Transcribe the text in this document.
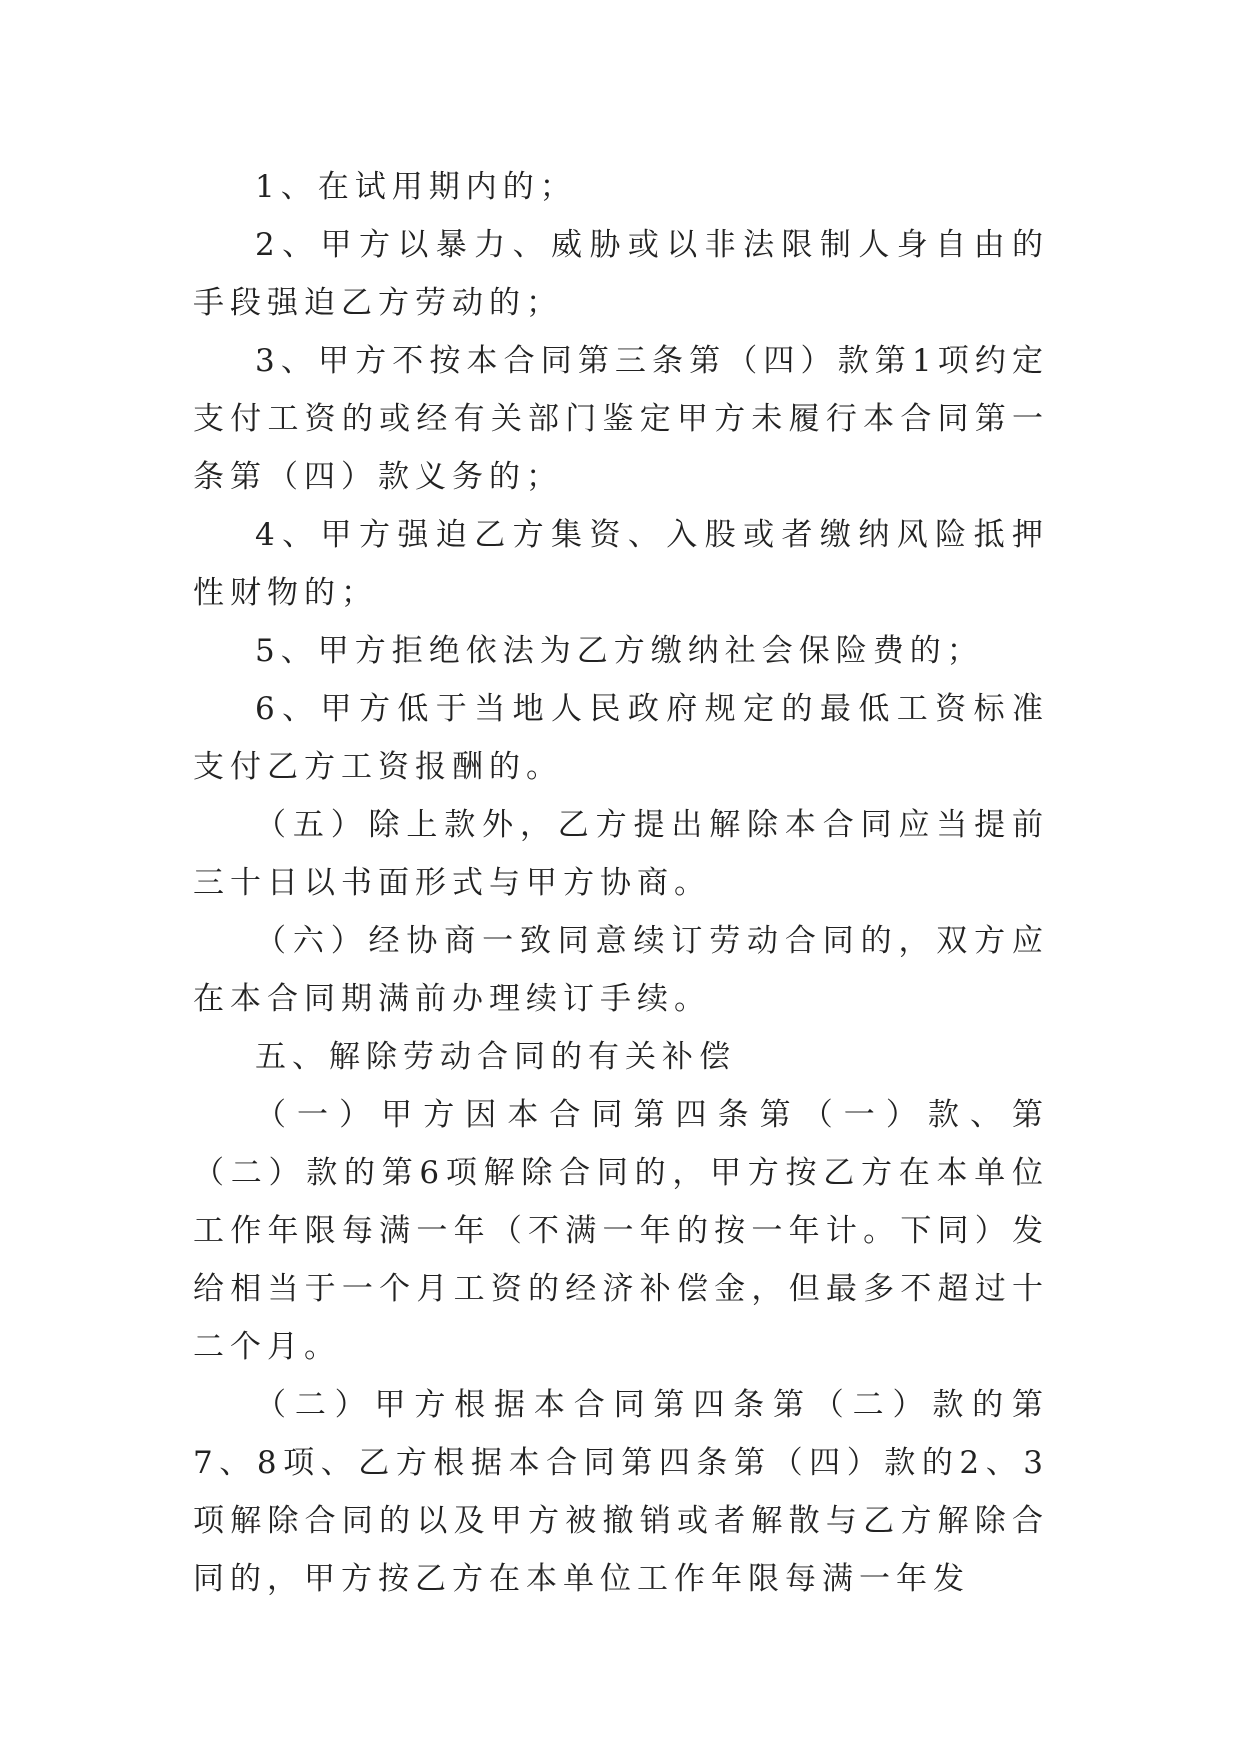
1、在试用期内的；

2、甲方以暴力、威胁或以非法限制人身自由的手段强迫乙方劳动的；

3、甲方不按本合同第三条第（四）款第1项约定支付工资的或经有关部门鉴定甲方未履行本合同第一条第（四）款义务的；

4、甲方强迫乙方集资、入股或者缴纳风险抵押性财物的；

5、甲方拒绝依法为乙方缴纳社会保险费的；

6、甲方低于当地人民政府规定的最低工资标准支付乙方工资报酬的。

（五）除上款外，乙方提出解除本合同应当提前三十日以书面形式与甲方协商。

（六）经协商一致同意续订劳动合同的，双方应在本合同期满前办理续订手续。

五、解除劳动合同的有关补偿

（一）甲方因本合同第四条第（一）款、第（二）款的第6项解除合同的，甲方按乙方在本单位工作年限每满一年（不满一年的按一年计。下同）发给相当于一个月工资的经济补偿金，但最多不超过十二个月。

（二）甲方根据本合同第四条第（二）款的第7、8项、乙方根据本合同第四条第（四）款的2、3项解除合同的以及甲方被撤销或者解散与乙方解除合同的，甲方按乙方在本单位工作年限每满一年发
